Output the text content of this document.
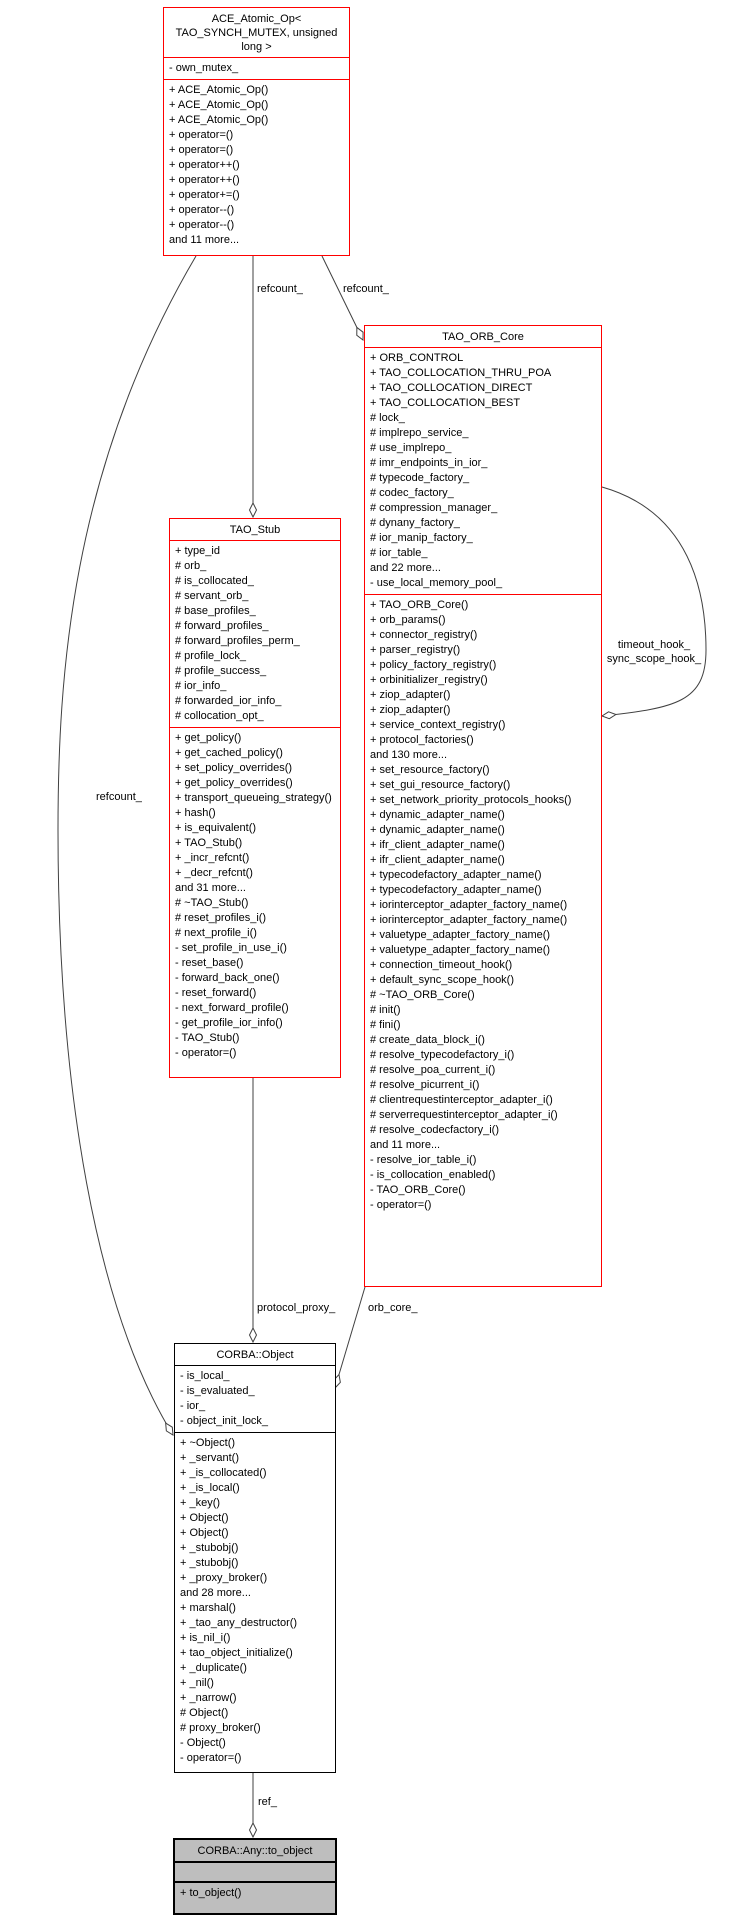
ACE_Atomic_Op< TAO_SYNCH_MUTEX, unsigned long >
- own_mutex_
+ ACE_Atomic_Op()
+ ACE_Atomic_Op()
+ ACE_Atomic_Op()
+ operator=()
+ operator=()
+ operator++()
+ operator++()
+ operator+=()
+ operator--()
+ operator--()
and 11 more...
TAO_ORB_Core
+ ORB_CONTROL
+ TAO_COLLOCATION_THRU_POA
+ TAO_COLLOCATION_DIRECT
+ TAO_COLLOCATION_BEST
# lock_
# implrepo_service_
# use_implrepo_
# imr_endpoints_in_ior_
# typecode_factory_
# codec_factory_
# compression_manager_
# dynany_factory_
# ior_manip_factory_
# ior_table_
and 22 more...
- use_local_memory_pool_
+ TAO_ORB_Core()
+ orb_params()
+ connector_registry()
+ parser_registry()
+ policy_factory_registry()
+ orbinitializer_registry()
+ ziop_adapter()
+ ziop_adapter()
+ service_context_registry()
+ protocol_factories()
and 130 more...
+ set_resource_factory()
+ set_gui_resource_factory()
+ set_network_priority_protocols_hooks()
+ dynamic_adapter_name()
+ dynamic_adapter_name()
+ ifr_client_adapter_name()
+ ifr_client_adapter_name()
+ typecodefactory_adapter_name()
+ typecodefactory_adapter_name()
+ iorinterceptor_adapter_factory_name()
+ iorinterceptor_adapter_factory_name()
+ valuetype_adapter_factory_name()
+ valuetype_adapter_factory_name()
+ connection_timeout_hook()
+ default_sync_scope_hook()
# ~TAO_ORB_Core()
# init()
# fini()
# create_data_block_i()
# resolve_typecodefactory_i()
# resolve_poa_current_i()
# resolve_picurrent_i()
# clientrequestinterceptor_adapter_i()
# serverrequestinterceptor_adapter_i()
# resolve_codecfactory_i()
and 11 more...
- resolve_ior_table_i()
- is_collocation_enabled()
- TAO_ORB_Core()
- operator=()
TAO_Stub
+ type_id
# orb_
# is_collocated_
# servant_orb_
# base_profiles_
# forward_profiles_
# forward_profiles_perm_
# profile_lock_
# profile_success_
# ior_info_
# forwarded_ior_info_
# collocation_opt_
+ get_policy()
+ get_cached_policy()
+ set_policy_overrides()
+ get_policy_overrides()
+ transport_queueing_strategy()
+ hash()
+ is_equivalent()
+ TAO_Stub()
+ _incr_refcnt()
+ _decr_refcnt()
and 31 more...
# ~TAO_Stub()
# reset_profiles_i()
# next_profile_i()
- set_profile_in_use_i()
- reset_base()
- forward_back_one()
- reset_forward()
- next_forward_profile()
- get_profile_ior_info()
- TAO_Stub()
- operator=()
CORBA::Object
- is_local_
- is_evaluated_
- ior_
- object_init_lock_
+ ~Object()
+ _servant()
+ _is_collocated()
+ _is_local()
+ _key()
+ Object()
+ Object()
+ _stubobj()
+ _stubobj()
+ _proxy_broker()
and 28 more...
+ marshal()
+ _tao_any_destructor()
+ is_nil_i()
+ tao_object_initialize()
+ _duplicate()
+ _nil()
+ _narrow()
# Object()
# proxy_broker()
- Object()
- operator=()
CORBA::Any::to_object
+ to_object()
refcount_	refcount_
refcount_
protocol_proxy_	orb_core_
ref_
timeout_hook_
sync_scope_hook_
